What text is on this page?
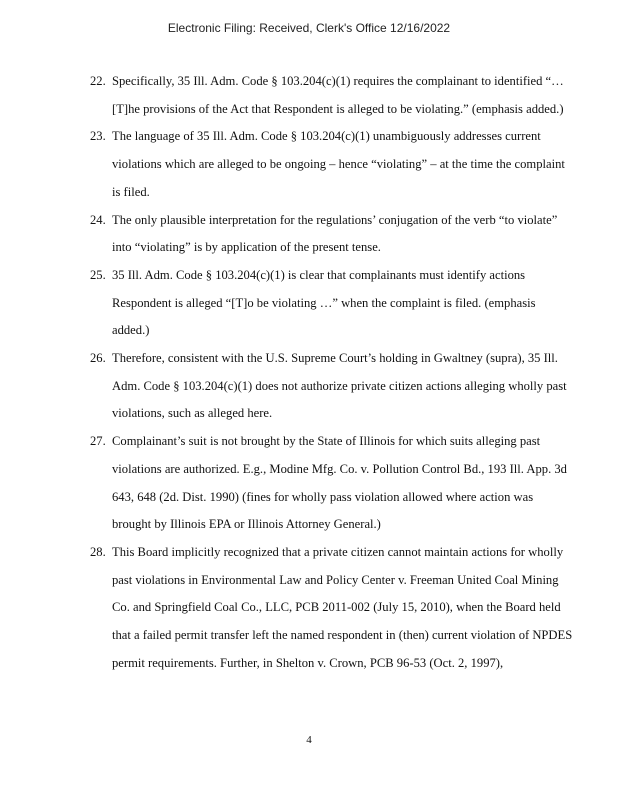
Electronic Filing: Received, Clerk's Office 12/16/2022
22. Specifically, 35 Ill. Adm. Code § 103.204(c)(1) requires the complainant to identified “…[T]he provisions of the Act that Respondent is alleged to be violating.” (emphasis added.)
23. The language of 35 Ill. Adm. Code § 103.204(c)(1) unambiguously addresses current violations which are alleged to be ongoing – hence “violating” – at the time the complaint is filed.
24. The only plausible interpretation for the regulations’ conjugation of the verb “to violate” into “violating” is by application of the present tense.
25. 35 Ill. Adm. Code § 103.204(c)(1) is clear that complainants must identify actions Respondent is alleged “[T]o be violating …” when the complaint is filed. (emphasis added.)
26. Therefore, consistent with the U.S. Supreme Court’s holding in Gwaltney (supra), 35 Ill. Adm. Code § 103.204(c)(1) does not authorize private citizen actions alleging wholly past violations, such as alleged here.
27. Complainant’s suit is not brought by the State of Illinois for which suits alleging past violations are authorized. E.g., Modine Mfg. Co. v. Pollution Control Bd., 193 Ill. App. 3d 643, 648 (2d. Dist. 1990) (fines for wholly pass violation allowed where action was brought by Illinois EPA or Illinois Attorney General.)
28. This Board implicitly recognized that a private citizen cannot maintain actions for wholly past violations in Environmental Law and Policy Center v. Freeman United Coal Mining Co. and Springfield Coal Co., LLC, PCB 2011-002 (July 15, 2010), when the Board held that a failed permit transfer left the named respondent in (then) current violation of NPDES permit requirements. Further, in Shelton v. Crown, PCB 96-53 (Oct. 2, 1997),
4
